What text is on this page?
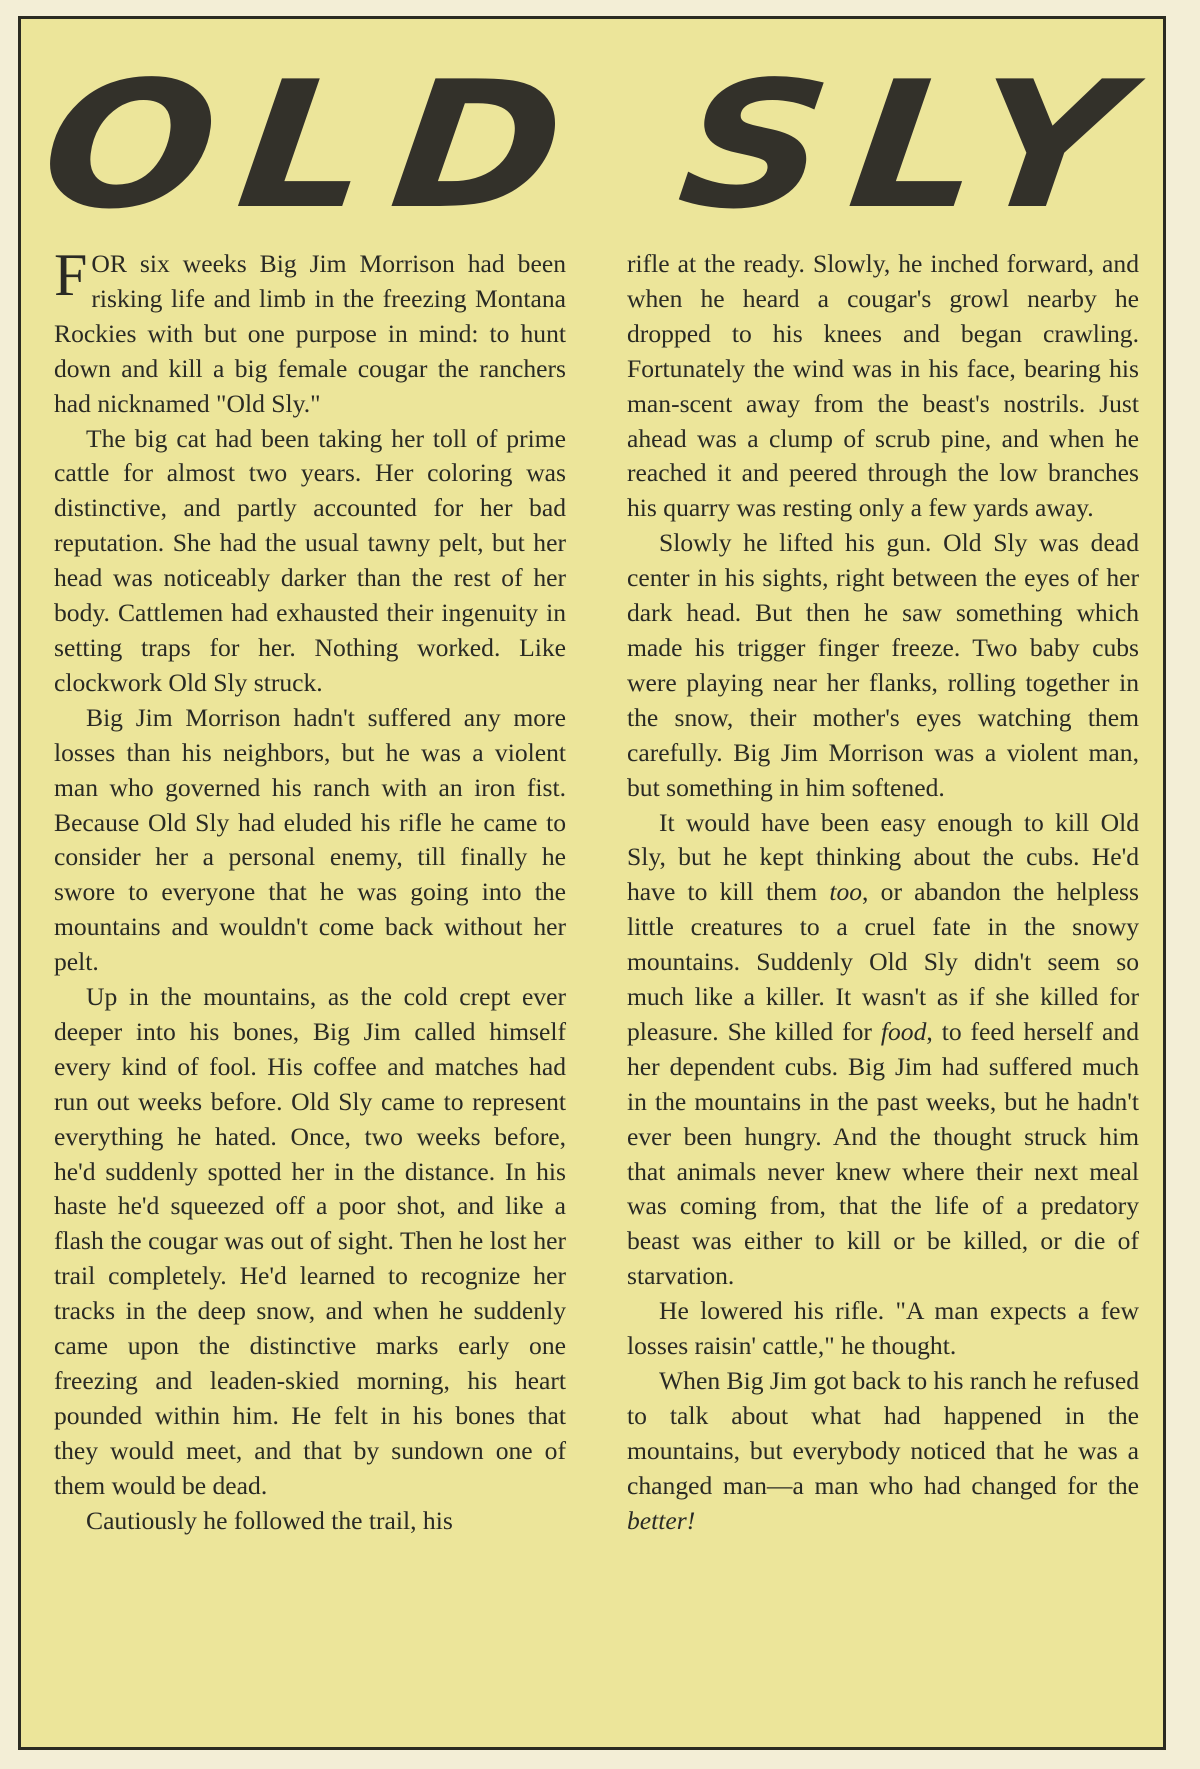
OLD SLY

FOR six weeks Big Jim Morrison had been risking life and limb in the freezing Montana Rockies with but one purpose in mind: to hunt down and kill a big female cougar the ranchers had nicknamed "Old Sly."

The big cat had been taking her toll of prime cattle for almost two years. Her coloring was distinctive, and partly accounted for her bad reputation. She had the usual tawny pelt, but her head was noticeably darker than the rest of her body. Cattlemen had exhausted their ingenuity in setting traps for her. Nothing worked. Like clockwork Old Sly struck.

Big Jim Morrison hadn't suffered any more losses than his neighbors, but he was a violent man who governed his ranch with an iron fist. Because Old Sly had eluded his rifle he came to consider her a personal enemy, till finally he swore to everyone that he was going into the mountains and wouldn't come back without her pelt.

Up in the mountains, as the cold crept ever deeper into his bones, Big Jim called himself every kind of fool. His coffee and matches had run out weeks before. Old Sly came to represent everything he hated. Once, two weeks before, he'd suddenly spotted her in the distance. In his haste he'd squeezed off a poor shot, and like a flash the cougar was out of sight. Then he lost her trail completely. He'd learned to recognize her tracks in the deep snow, and when he suddenly came upon the distinctive marks early one freezing and leaden-skied morning, his heart pounded within him. He felt in his bones that they would meet, and that by sundown one of them would be dead.

Cautiously he followed the trail, his

rifle at the ready. Slowly, he inched forward, and when he heard a cougar's growl nearby he dropped to his knees and began crawling. Fortunately the wind was in his face, bearing his man-scent away from the beast's nostrils. Just ahead was a clump of scrub pine, and when he reached it and peered through the low branches his quarry was resting only a few yards away.

Slowly he lifted his gun. Old Sly was dead center in his sights, right between the eyes of her dark head. But then he saw something which made his trigger finger freeze. Two baby cubs were playing near her flanks, rolling together in the snow, their mother's eyes watching them carefully. Big Jim Morrison was a violent man, but something in him softened.

It would have been easy enough to kill Old Sly, but he kept thinking about the cubs. He'd have to kill them too, or abandon the helpless little creatures to a cruel fate in the snowy mountains. Suddenly Old Sly didn't seem so much like a killer. It wasn't as if she killed for pleasure. She killed for food, to feed herself and her dependent cubs. Big Jim had suffered much in the mountains in the past weeks, but he hadn't ever been hungry. And the thought struck him that animals never knew where their next meal was coming from, that the life of a predatory beast was either to kill or be killed, or die of starvation.

He lowered his rifle. "A man expects a few losses raisin' cattle," he thought.

When Big Jim got back to his ranch he refused to talk about what had happened in the mountains, but everybody noticed that he was a changed man—a man who had changed for the better!
